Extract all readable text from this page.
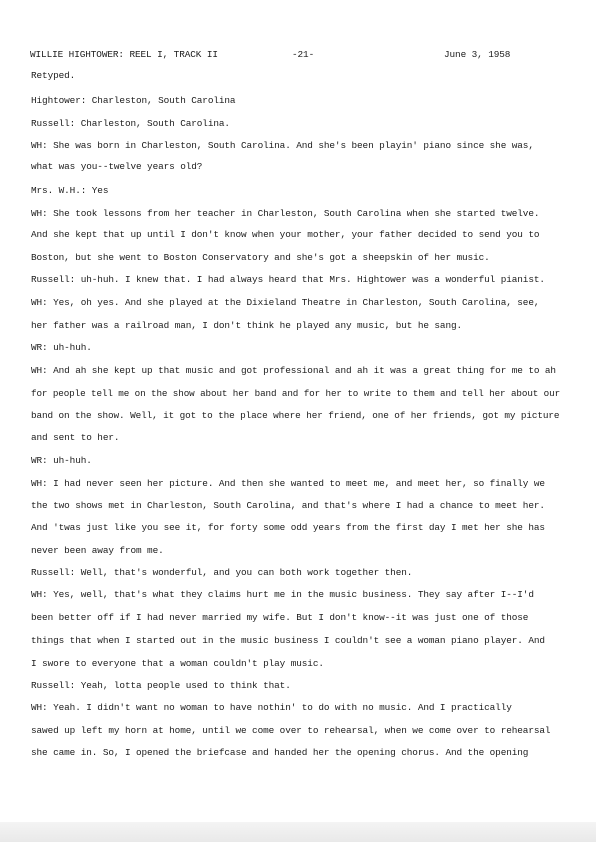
WILLIE HIGHTOWER: REEL I, TRACK II	-21-	June 3, 1958
Retyped.
Hightower: Charleston, South Carolina
Russell: Charleston, South Carolina.
WH: She was born in Charleston, South Carolina. And she's been playin' piano since she was,
what was you--twelve years old?
Mrs. W.H.: Yes
WH: She took lessons from her teacher in Charleston, South Carolina when she started twelve.
And she kept that up until I don't know when your mother, your father decided to send you to
Boston, but she went to Boston Conservatory and she's got a sheepskin of her music.
Russell: uh-huh. I knew that. I had always heard that Mrs. Hightower was a wonderful pianist.
WH: Yes, oh yes. And she played at the Dixieland Theatre in Charleston, South Carolina, see,
her father was a railroad man, I don't think he played any music, but he sang.
WR: uh-huh.
WH: And ah she kept up that music and got professional and ah it was a great thing for me to ah
for people tell me on the show about her band and for her to write to them and tell her about our
band on the show. Well, it got to the place where her friend, one of her friends, got my picture
and sent to her.
WR: uh-huh.
WH: I had never seen her picture. And then she wanted to meet me, and meet her, so finally we
the two shows met in Charleston, South Carolina, and that's where I had a chance to meet her.
And 'twas just like you see it, for forty some odd years from the first day I met her she has
never been away from me.
Russell: Well, that's wonderful, and you can both work together then.
WH: Yes, well, that's what they claims hurt me in the music business. They say after I--I'd
been better off if I had never married my wife. But I don't know--it was just one of those
things that when I started out in the music business I couldn't see a woman piano player. And
I swore to everyone that a woman couldn't play music.
Russell: Yeah, lotta people used to think that.
WH: Yeah. I didn't want no woman to have nothin' to do with no music. And I practically
sawed up left my horn at home, until we come over to rehearsal, when we come over to rehearsal
she came in. So, I opened the briefcase and handed her the opening chorus. And the opening
